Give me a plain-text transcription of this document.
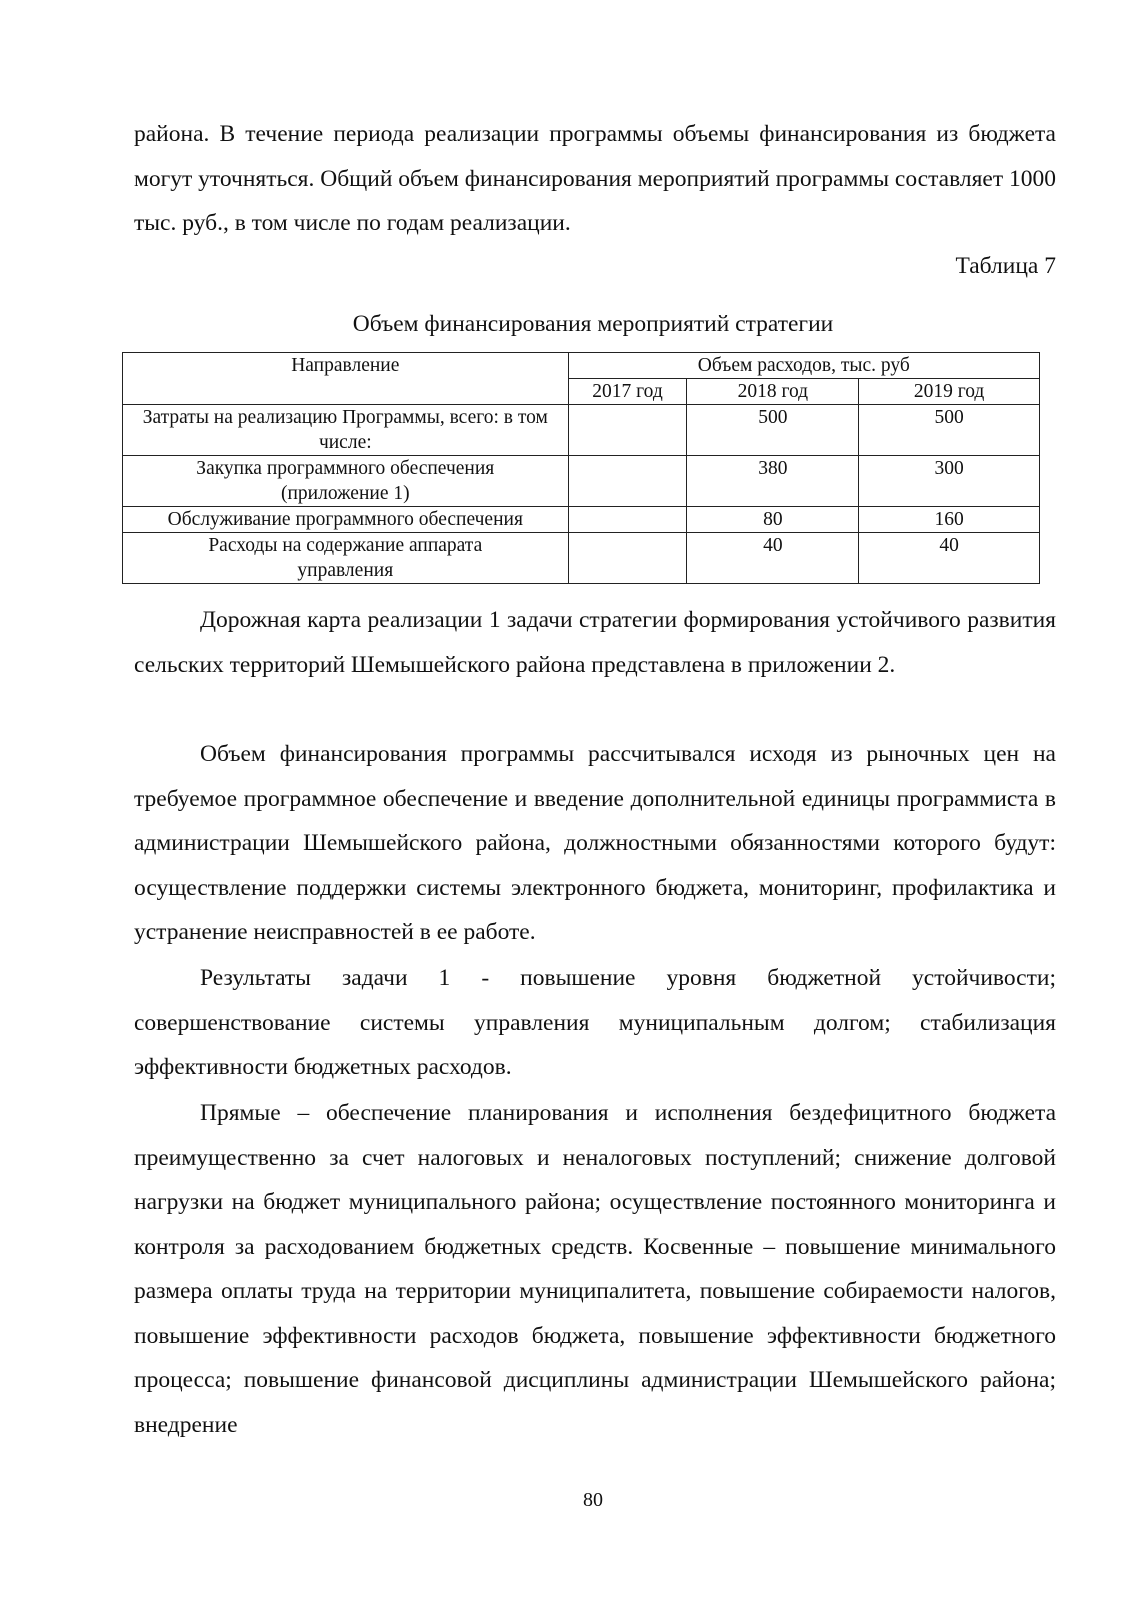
района. В течение периода реализации программы объемы финансирования из бюджета могут уточняться. Общий объем финансирования мероприятий программы составляет 1000 тыс. руб., в том числе по годам реализации.

Таблица 7
Объем финансирования мероприятий стратегии
Направление	Объем расходов, тыс. руб		
	2017 год	2018 год	2019 год

Затраты на реализацию Программы, всего: в том числе:		500	500
Закупка программного обеспечения (приложение 1)		380	300
Обслуживание программного обеспечения		80	160
Расходы на содержание аппарата управления		40	40

Дорожная карта реализации 1 задачи стратегии формирования устойчивого развития сельских территорий Шемышейского района представлена в приложении 2.

Объем финансирования программы рассчитывался исходя из рыночных цен на требуемое программное обеспечение и введение дополнительной единицы программиста в администрации Шемышейского района, должностными обязанностями которого будут: осуществление поддержки системы электронного бюджета, мониторинг, профилактика и устранение неисправностей в ее работе.

Результаты задачи 1 - повышение уровня бюджетной устойчивости; совершенствование системы управления муниципальным долгом; стабилизация эффективности бюджетных расходов.

Прямые – обеспечение планирования и исполнения бездефицитного бюджета преимущественно за счет налоговых и неналоговых поступлений; снижение долговой нагрузки на бюджет муниципального района; осуществление постоянного мониторинга и контроля за расходованием бюджетных средств. Косвенные – повышение минимального размера оплаты труда на территории муниципалитета, повышение собираемости налогов, повышение эффективности расходов бюджета, повышение эффективности бюджетного процесса; повышение финансовой дисциплины администрации Шемышейского района; внедрение

80
